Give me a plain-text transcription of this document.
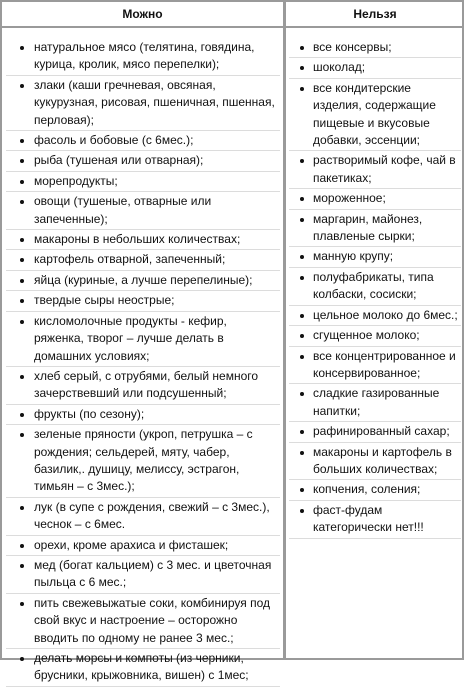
Можно	Нельзя
натуральное мясо (телятина, говядина, курица, кролик, мясо перепелки);
злаки (каши гречневая, овсяная, кукурузная, рисовая, пшеничная, пшенная, перловая);
фасоль и бобовые (с 6мес.);
рыба (тушеная или отварная);
морепродукты;
овощи (тушеные, отварные или запеченные);
макароны в небольших количествах;
картофель отварной, запеченный;
яйца (куриные, а лучше перепелиные);
твердые сыры неострые;
кисломолочные продукты - кефир, ряженка, творог – лучше делать в домашних условиях;
хлеб серый, с отрубями, белый немного зачерствевший или подсушенный;
фрукты (по сезону);
зеленые пряности (укроп, петрушка – с рождения; сельдерей, мяту, чабер, базилик,. душицу, мелиссу, эстрагон, тимьян – с 3мес.);
лук (в супе с рождения, свежий – с 3мес.), чеснок – с 6мес.
орехи, кроме арахиса и фисташек;
мед (богат кальцием) с 3 мес. и цветочная пыльца с 6 мес.;
пить свежевыжатые соки, комбинируя под свой вкус и настроение – осторожно вводить по одному не ранее 3 мес.;
делать морсы и компоты (из черники, брусники, крыжовника, вишен) с 1мес;
все консервы;
шоколад;
все кондитерские изделия, содержащие пищевые и вкусовые добавки, эссенции;
растворимый кофе, чай в пакетиках;
мороженное;
маргарин, майонез, плавленые сырки;
манную крупу;
полуфабрикаты, типа колбаски, сосиски;
цельное молоко до 6мес.;
сгущенное молоко;
все концентрированное и консервированное;
сладкие газированные напитки;
рафинированный сахар;
макароны и картофель в больших количествах;
копчения, соления;
фаст-фудам категорически нет!!!
